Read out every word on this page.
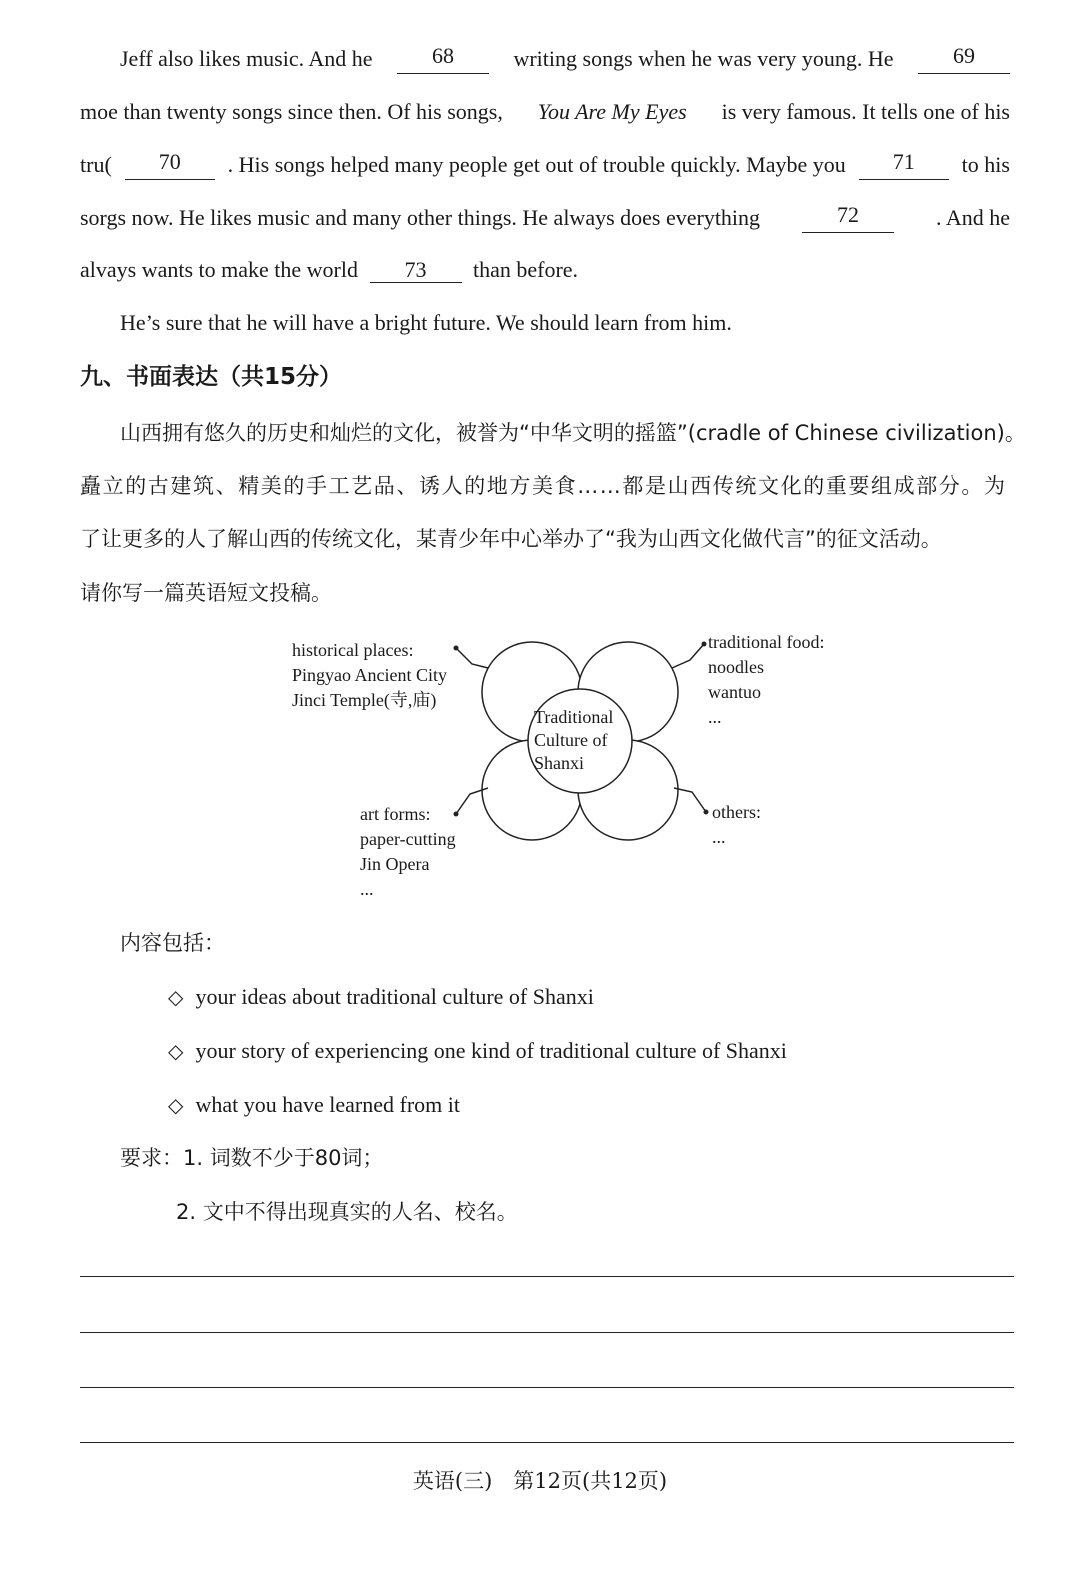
Jeff also likes music. And he	68	writing songs when he was very young. He	69
moe than twenty songs since then. Of his songs, You Are My Eyes is very famous. It tells one of his
tru(	70	. His songs helped many people get out of trouble quickly. Maybe you	71	to his
sorgs now. He likes music and many other things. He always does everything	72	. And he
alvays wants to make the world 73 than before.
He’s sure that he will have a bright future. We should learn from him.
九、书面表达（共15分）
山西拥有悠久的历史和灿烂的文化，被誉为“中华文明的摇篮”(cradle of Chinese civilization)。
矗立的古建筑、精美的手工艺品、诱人的地方美食……都是山西传统文化的重要组成部分。为
了让更多的人了解山西的传统文化，某青少年中心举办了“我为山西文化做代言”的征文活动。
请你写一篇英语短文投稿。
Traditional
Culture of
Shanxi
historical places:
Pingyao Ancient City
Jinci Temple(寺,庙)
traditional food:
noodles
wantuo
...
art forms:
paper-cutting
Jin Opera
...
others:
...
内容包括：
◇ your ideas about traditional culture of Shanxi
◇ your story of experiencing one kind of traditional culture of Shanxi
◇ what you have learned from it
要求：1. 词数不少于80词；
2. 文中不得出现真实的人名、校名。
英语(三)　第12页(共12页)
